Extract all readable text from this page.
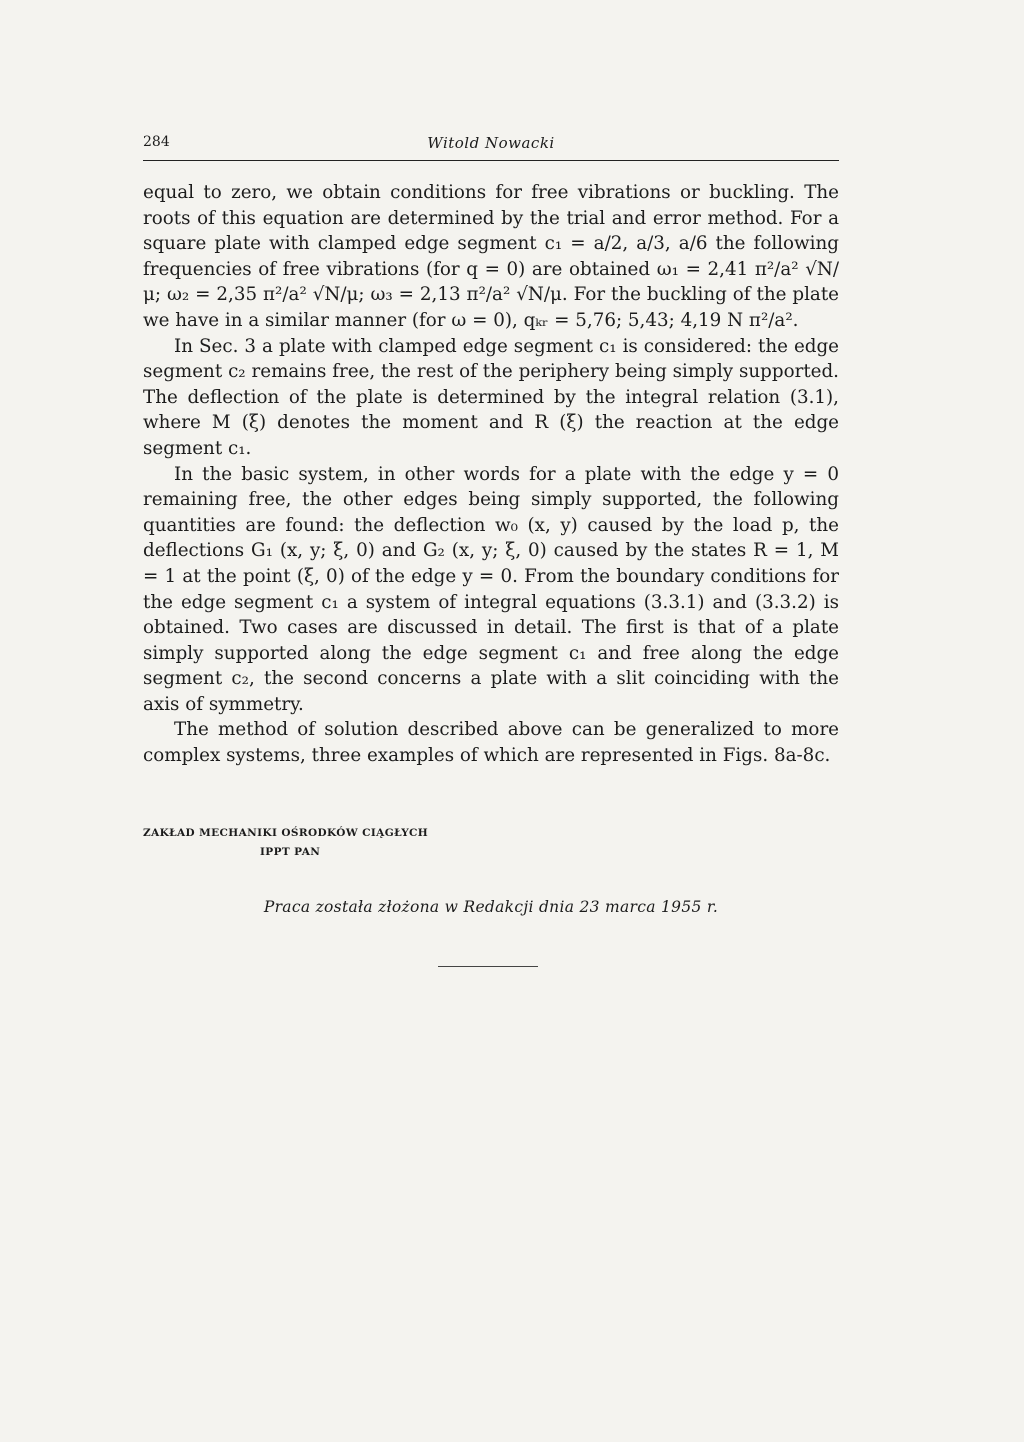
284	Witold Nowacki

equal to zero, we obtain conditions for free vibrations or buckling. The roots of this equation are determined by the trial and error method. For a square plate with clamped edge segment c₁ = a/2, a/3, a/6 the following frequencies of free vibrations (for q = 0) are obtained ω₁ = 2,41 π²/a² √N/μ; ω₂ = 2,35 π²/a² √N/μ; ω₃ = 2,13 π²/a² √N/μ. For the buckling of the plate we have in a similar manner (for ω = 0), qₖᵣ = 5,76; 5,43; 4,19 N π²/a².

In Sec. 3 a plate with clamped edge segment c₁ is considered: the edge segment c₂ remains free, the rest of the periphery being simply supported. The deflection of the plate is determined by the integral relation (3.1), where M (ξ) denotes the moment and R (ξ) the reaction at the edge segment c₁.

In the basic system, in other words for a plate with the edge y = 0 remaining free, the other edges being simply supported, the following quantities are found: the deflection w₀ (x, y) caused by the load p, the deflections G₁ (x, y; ξ, 0) and G₂ (x, y; ξ, 0) caused by the states R = 1, M = 1 at the point (ξ, 0) of the edge y = 0. From the boundary conditions for the edge segment c₁ a system of integral equations (3.3.1) and (3.3.2) is obtained. Two cases are discussed in detail. The first is that of a plate simply supported along the edge segment c₁ and free along the edge segment c₂, the second concerns a plate with a slit coinciding with the axis of symmetry.

The method of solution described above can be generalized to more complex systems, three examples of which are represented in Figs. 8a-8c.

ZAKŁAD MECHANIKI OŚRODKÓW CIĄGŁYCH
IPPT PAN
Praca została złożona w Redakcji dnia 23 marca 1955 r.
